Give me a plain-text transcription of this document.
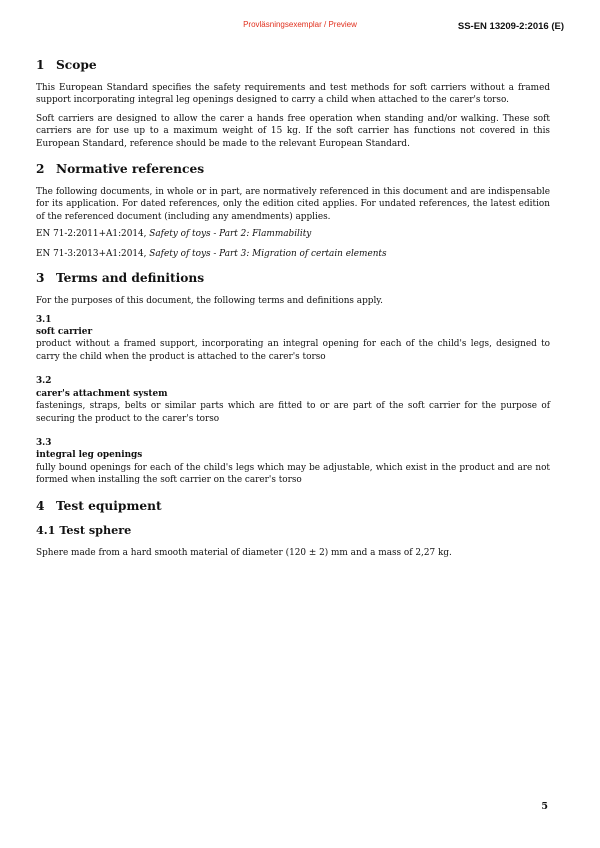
Provläsningsexemplar / Preview	SS-EN 13209-2:2016 (E)
1 Scope

This European Standard specifies the safety requirements and test methods for soft carriers without a framed support incorporating integral leg openings designed to carry a child when attached to the carer's torso.

Soft carriers are designed to allow the carer a hands free operation when standing and/or walking. These soft carriers are for use up to a maximum weight of 15 kg. If the soft carrier has functions not covered in this European Standard, reference should be made to the relevant European Standard.

2 Normative references

The following documents, in whole or in part, are normatively referenced in this document and are indispensable for its application. For dated references, only the edition cited applies. For undated references, the latest edition of the referenced document (including any amendments) applies.

EN 71-2:2011+A1:2014, Safety of toys - Part 2: Flammability
EN 71-3:2013+A1:2014, Safety of toys - Part 3: Migration of certain elements
3 Terms and definitions

For the purposes of this document, the following terms and definitions apply.

3.1
soft carrier
product without a framed support, incorporating an integral opening for each of the child's legs, designed to carry the child when the product is attached to the carer's torso
3.2
carer's attachment system
fastenings, straps, belts or similar parts which are fitted to or are part of the soft carrier for the purpose of securing the product to the carer's torso
3.3
integral leg openings
fully bound openings for each of the child's legs which may be adjustable, which exist in the product and are not formed when installing the soft carrier on the carer's torso
4 Test equipment
4.1 Test sphere

Sphere made from a hard smooth material of diameter (120 ± 2) mm and a mass of 2,27 kg.

5
